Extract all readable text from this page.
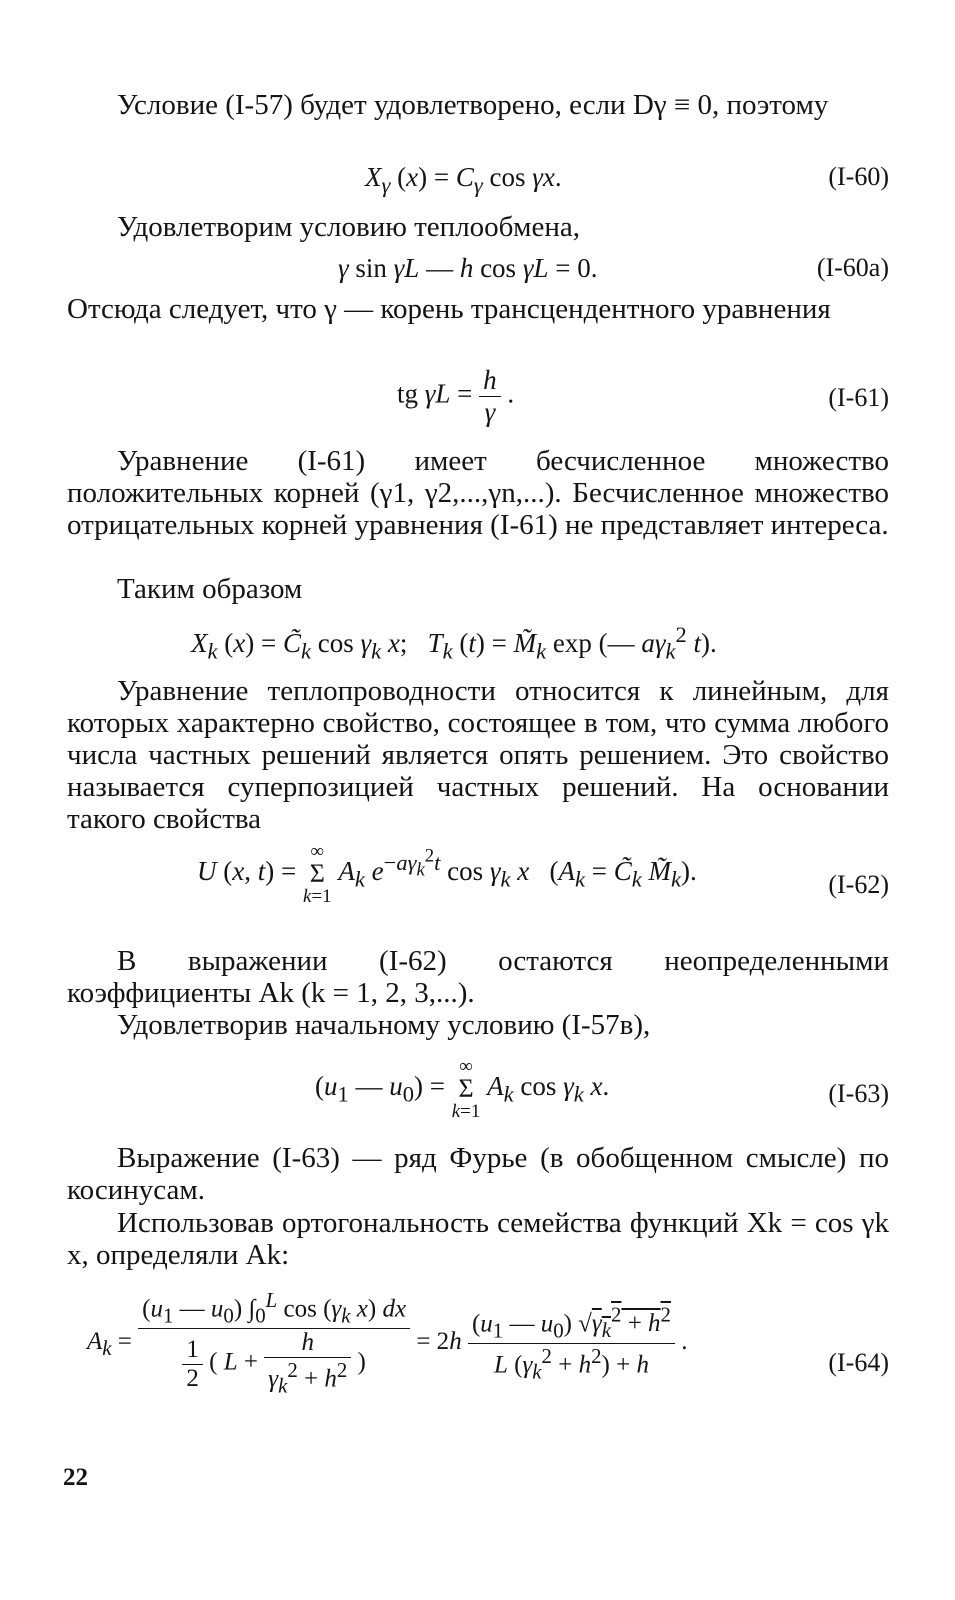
Условие (I-57) будет удовлетворено, если Dγ ≡ 0, поэтому

$X_\gamma$ $(x) = C_\gamma$ cos γx.	(I-60)

Удовлетворим условию теплообмена,

γ sin γL — h cos γL = 0.	(I-60a)

Отсюда следует, что γ — корень трансцендентного уравнения

tg $\gamma L = \frac{h}{\gamma}$ .	(I-61)

Уравнение (I-61) имеет бесчисленное множество положительных корней (γ1, γ2,...,γn,...). Бесчисленное множество отрицательных корней уравнения (I-61) не представляет интереса.

Таким образом

$X_k$ $(x) = C̃_k$ $\cos \gamma_k$ x;   $T_k$ $(t) = M̃_k$ exp (— $a\gamma_k^2$ t).

Уравнение теплопроводности относится к линейным, для которых характерно свойство, состоящее в том, что сумма любого числа частных решений является опять решением. Это свойство называется суперпозицией частных решений. На основании такого свойства

U (x, t) =
∞
Σ
k=1
$A_k$ $e^{-a\gamma_k^2t}$ $\cos \gamma_k$ x   ($A_k$ = $C̃_k$ $M̃_k$).	(I-62)

В выражении (I-62) остаются неопределенными коэффициенты Ak (k = 1, 2, 3,...).

Удовлетворив начальному условию (I-57в),

($u_1$ — $u_0$) =
∞
Σ
k=1
$A_k$ $\cos \gamma_k$ x.	(I-63)

Выражение (I-63) — ряд Фурье (в обобщенном смысле) по косинусам.

Использовав ортогональность семейства функций Xk = cos γk x, определяли Ak:

$A_k = \frac{(u_1 — u_0) \int_0^L \cos (\gamma_k x) dx}{\frac{1}{2} ( L + \frac{h}{\gamma_k^2 + h^2} )} = 2h \frac{(u_1 — u_0) √\gamma_k^2 + h^2}{L (\gamma_k^2 + h^2) + h}$ .
(I-64)
22
